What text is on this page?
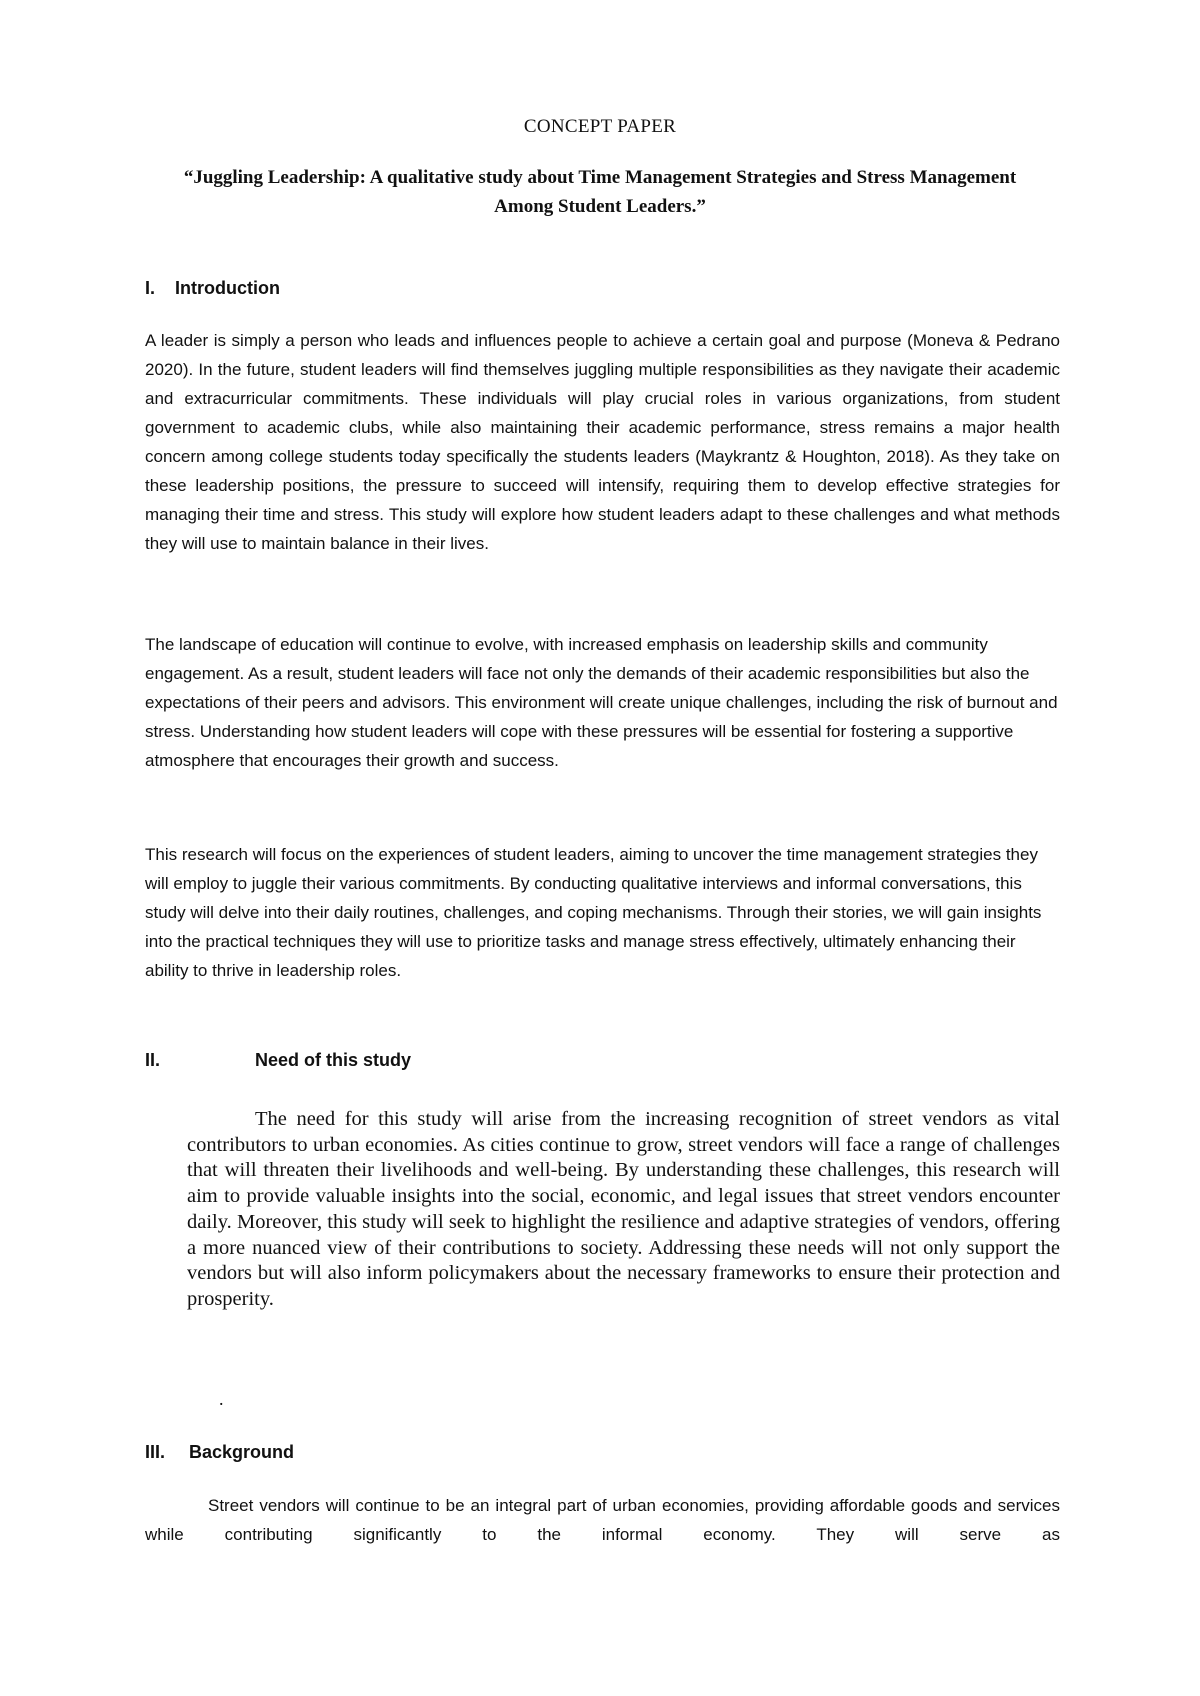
CONCEPT PAPER
“Juggling Leadership: A qualitative study about Time Management Strategies and Stress Management Among Student Leaders.”
I. Introduction

A leader is simply a person who leads and influences people to achieve a certain goal and purpose (Moneva & Pedrano 2020). In the future, student leaders will find themselves juggling multiple responsibilities as they navigate their academic and extracurricular commitments. These individuals will play crucial roles in various organizations, from student government to academic clubs, while also maintaining their academic performance, stress remains a major health concern among college students today specifically the students leaders (Maykrantz & Houghton, 2018). As they take on these leadership positions, the pressure to succeed will intensify, requiring them to develop effective strategies for managing their time and stress. This study will explore how student leaders adapt to these challenges and what methods they will use to maintain balance in their lives.

The landscape of education will continue to evolve, with increased emphasis on leadership skills and community engagement. As a result, student leaders will face not only the demands of their academic responsibilities but also the expectations of their peers and advisors. This environment will create unique challenges, including the risk of burnout and stress. Understanding how student leaders will cope with these pressures will be essential for fostering a supportive atmosphere that encourages their growth and success.

This research will focus on the experiences of student leaders, aiming to uncover the time management strategies they will employ to juggle their various commitments. By conducting qualitative interviews and informal conversations, this study will delve into their daily routines, challenges, and coping mechanisms. Through their stories, we will gain insights into the practical techniques they will use to prioritize tasks and manage stress effectively, ultimately enhancing their ability to thrive in leadership roles.

II.	Need of this study

The need for this study will arise from the increasing recognition of street vendors as vital contributors to urban economies. As cities continue to grow, street vendors will face a range of challenges that will threaten their livelihoods and well-being. By understanding these challenges, this research will aim to provide valuable insights into the social, economic, and legal issues that street vendors encounter daily. Moreover, this study will seek to highlight the resilience and adaptive strategies of vendors, offering a more nuanced view of their contributions to society. Addressing these needs will not only support the vendors but will also inform policymakers about the necessary frameworks to ensure their protection and prosperity.

.
III. Background

Street vendors will continue to be an integral part of urban economies, providing affordable goods and services while contributing significantly to the informal economy. They will serve as
